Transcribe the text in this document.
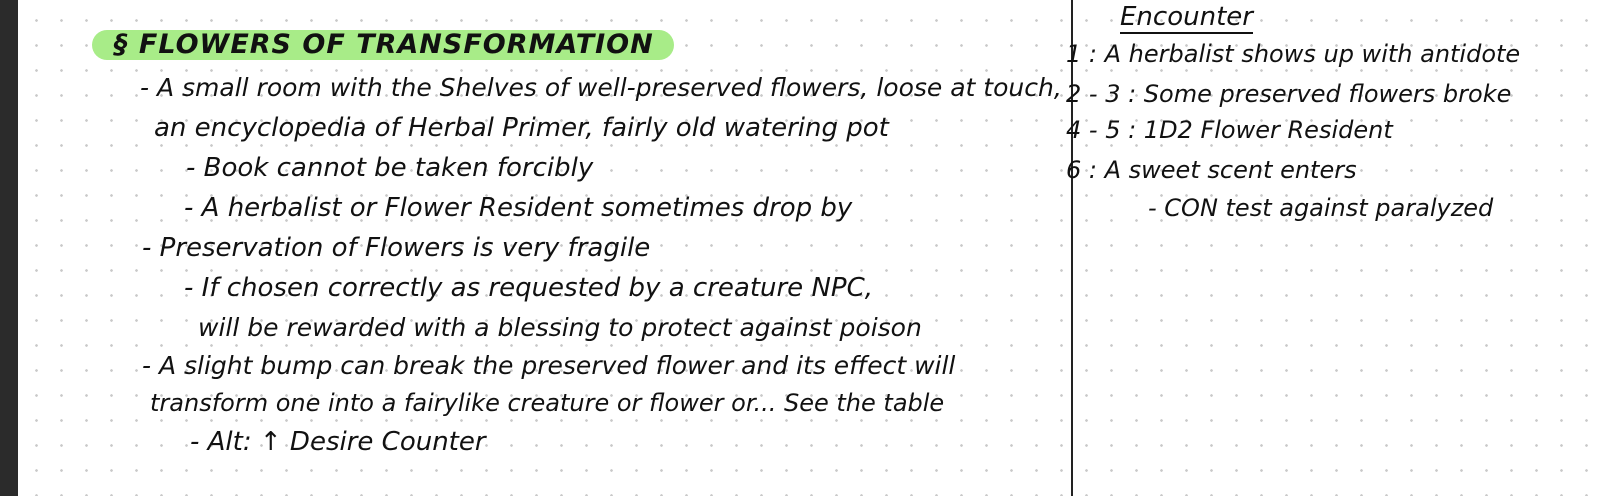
§ FLOWERS OF TRANSFORMATION
- A small room with the Shelves of well-preserved flowers, loose at touch,
an encyclopedia of Herbal Primer, fairly old watering pot
- Book cannot be taken forcibly
- A herbalist or Flower Resident sometimes drop by
- Preservation of Flowers is very fragile
- If chosen correctly as requested by a creature NPC,
will be rewarded with a blessing to protect against poison
- A slight bump can break the preserved flower and its effect will
transform one into a fairylike creature or flower or... See the table
- Alt: ↑ Desire Counter
Encounter
1 : A herbalist shows up with antidote
2 - 3 : Some preserved flowers broke
4 - 5 : 1D2 Flower Resident
6 : A sweet scent enters
- CON test against paralyzed
